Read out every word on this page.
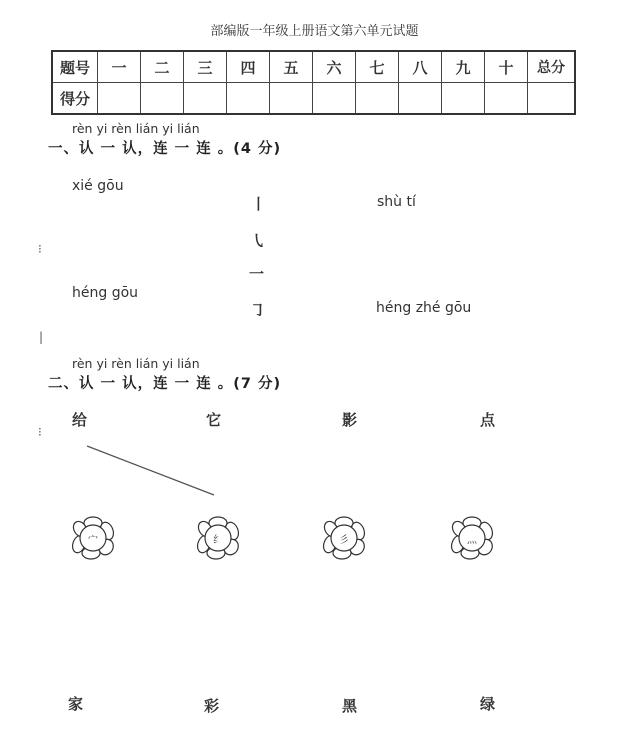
部编版一年级上册语文第六单元试题
题号	一	二	三	四	五	六	七	八	九	十	总分
得分											
rèn yi rèn lián yi lián
一、认 一 认，连 一 连 。(4 分)
xié gōu
héng gōu
丨
㇂
一
㇆
shù tí
héng zhé gōu
⁝
|
⁝
rèn yi rèn lián yi lián
二、认 一 认，连 一 连 。(7 分)
给	它	影	点
宀	纟	彡	灬
家	彩	黑	绿
